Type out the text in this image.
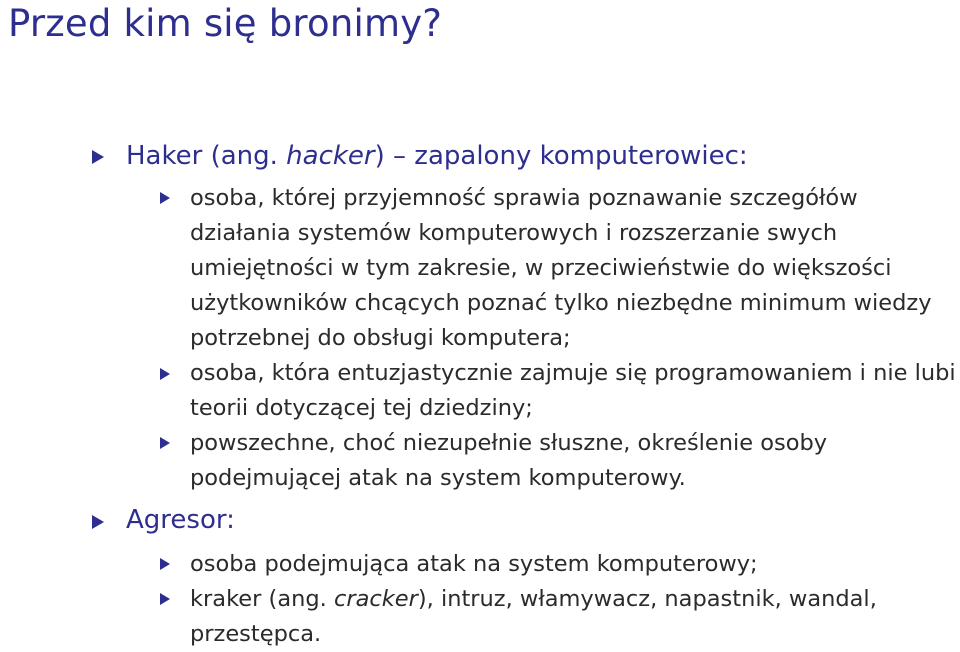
Przed kim się bronimy?
Haker (ang. hacker) – zapalony komputerowiec:
osoba, której przyjemność sprawia poznawanie szczegółów działania systemów komputerowych i rozszerzanie swych umiejętności w tym zakresie, w przeciwieństwie do większości użytkowników chcących poznać tylko niezbędne minimum wiedzy potrzebnej do obsługi komputera;
osoba, która entuzjastycznie zajmuje się programowaniem i nie lubi teorii dotyczącej tej dziedziny;
powszechne, choć niezupełnie słuszne, określenie osoby podejmującej atak na system komputerowy.
Agresor:
osoba podejmująca atak na system komputerowy;
kraker (ang. cracker), intruz, włamywacz, napastnik, wandal, przestępca.
